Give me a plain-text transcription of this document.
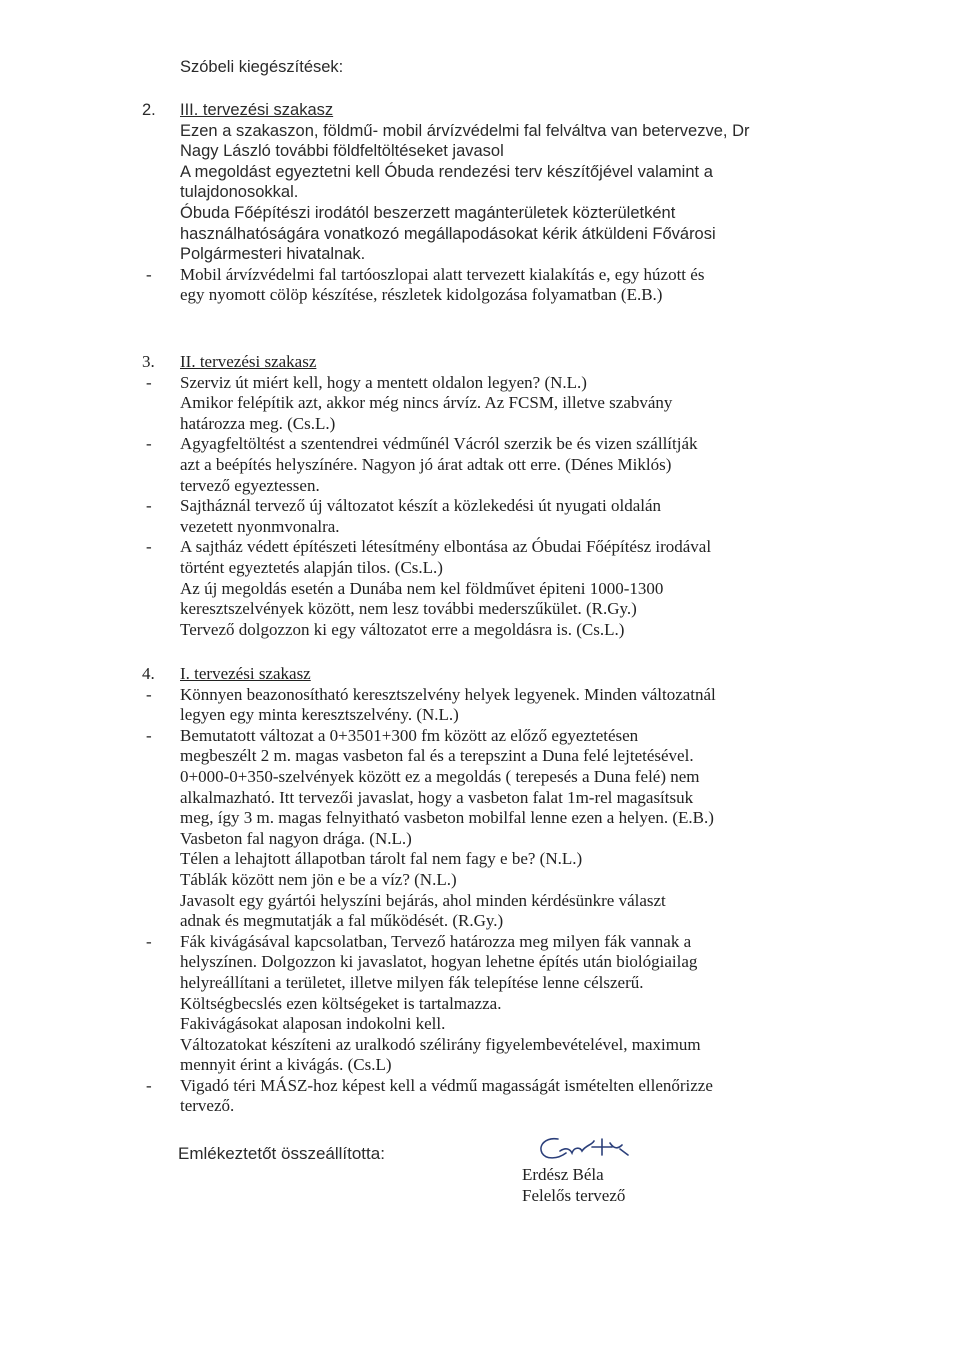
Szóbeli kiegészítések:
2. III. tervezési szakasz
Ezen a szakaszon, földmű- mobil árvízvédelmi fal felváltva van betervezve, Dr
Nagy László további földfeltöltéseket javasol
A megoldást egyeztetni kell Óbuda rendezési terv készítőjével valamint a
tulajdonosokkal.
Óbuda Főépítészi irodától beszerzett magánterületek közterületként
használhatóságára vonatkozó megállapodásokat kérik átküldeni Fővárosi
Polgármesteri hivatalnak.
- Mobil árvízvédelmi fal tartóoszlopai alatt tervezett kialakítás e, egy húzott és
egy nyomott cölöp készítése, részletek kidolgozása folyamatban (E.B.)
3. II. tervezési szakasz
- Szerviz út miért kell, hogy a mentett oldalon legyen? (N.L.)
Amikor felépítik azt, akkor még nincs árvíz. Az FCSM, illetve szabvány
határozza meg. (Cs.L.)
- Agyagfeltöltést a szentendrei védműnél Vácról szerzik be és vizen szállítják
azt a beépítés helyszínére. Nagyon jó árat adtak ott erre. (Dénes Miklós)
tervező egyeztessen.
- Sajtháznál tervező új változatot készít a közlekedési út nyugati oldalán
vezetett nyonmvonalra.
- A sajtház védett építészeti létesítmény elbontása az Óbudai Főépítész irodával
történt egyeztetés alapján tilos. (Cs.L.)
Az új megoldás esetén a Dunába nem kel földművet épiteni 1000-1300
keresztszelvények között, nem lesz további mederszűkület. (R.Gy.)
Tervező dolgozzon ki egy változatot erre a megoldásra is. (Cs.L.)
4. I. tervezési szakasz
- Könnyen beazonosítható keresztszelvény helyek legyenek. Minden változatnál
legyen egy minta keresztszelvény. (N.L.)
- Bemutatott változat a 0+3501+300 fm között az előző egyeztetésen
megbeszélt 2 m. magas vasbeton fal és a terepszint a Duna felé lejtetésével.
0+000-0+350-szelvények között ez a megoldás ( terepesés a Duna felé) nem
alkalmazható. Itt tervezői javaslat, hogy a vasbeton falat 1m-rel magasítsuk
meg, így 3 m. magas felnyitható vasbeton mobilfal lenne ezen a helyen. (E.B.)
Vasbeton fal nagyon drága. (N.L.)
Télen a lehajtott állapotban tárolt fal nem fagy e be? (N.L.)
Táblák között nem jön e be a víz? (N.L.)
Javasolt egy gyártói helyszíni bejárás, ahol minden kérdésünkre választ
adnak és megmutatják a fal működését. (R.Gy.)
- Fák kivágásával kapcsolatban, Tervező határozza meg milyen fák vannak a
helyszínen. Dolgozzon ki javaslatot, hogyan lehetne építés után biológiailag
helyreállítani a területet, illetve milyen fák telepítése lenne célszerű.
Költségbecslés ezen költségeket is tartalmazza.
Fakivágásokat alaposan indokolni kell.
Változatokat készíteni az uralkodó szélirány figyelembevételével, maximum
mennyit érint a kivágás. (Cs.L)
- Vigadó téri MÁSZ-hoz képest kell a védmű magasságát ismételten ellenőrizze
tervező.
Emlékeztetőt összeállította:
Erdész Béla
Felelős tervező
